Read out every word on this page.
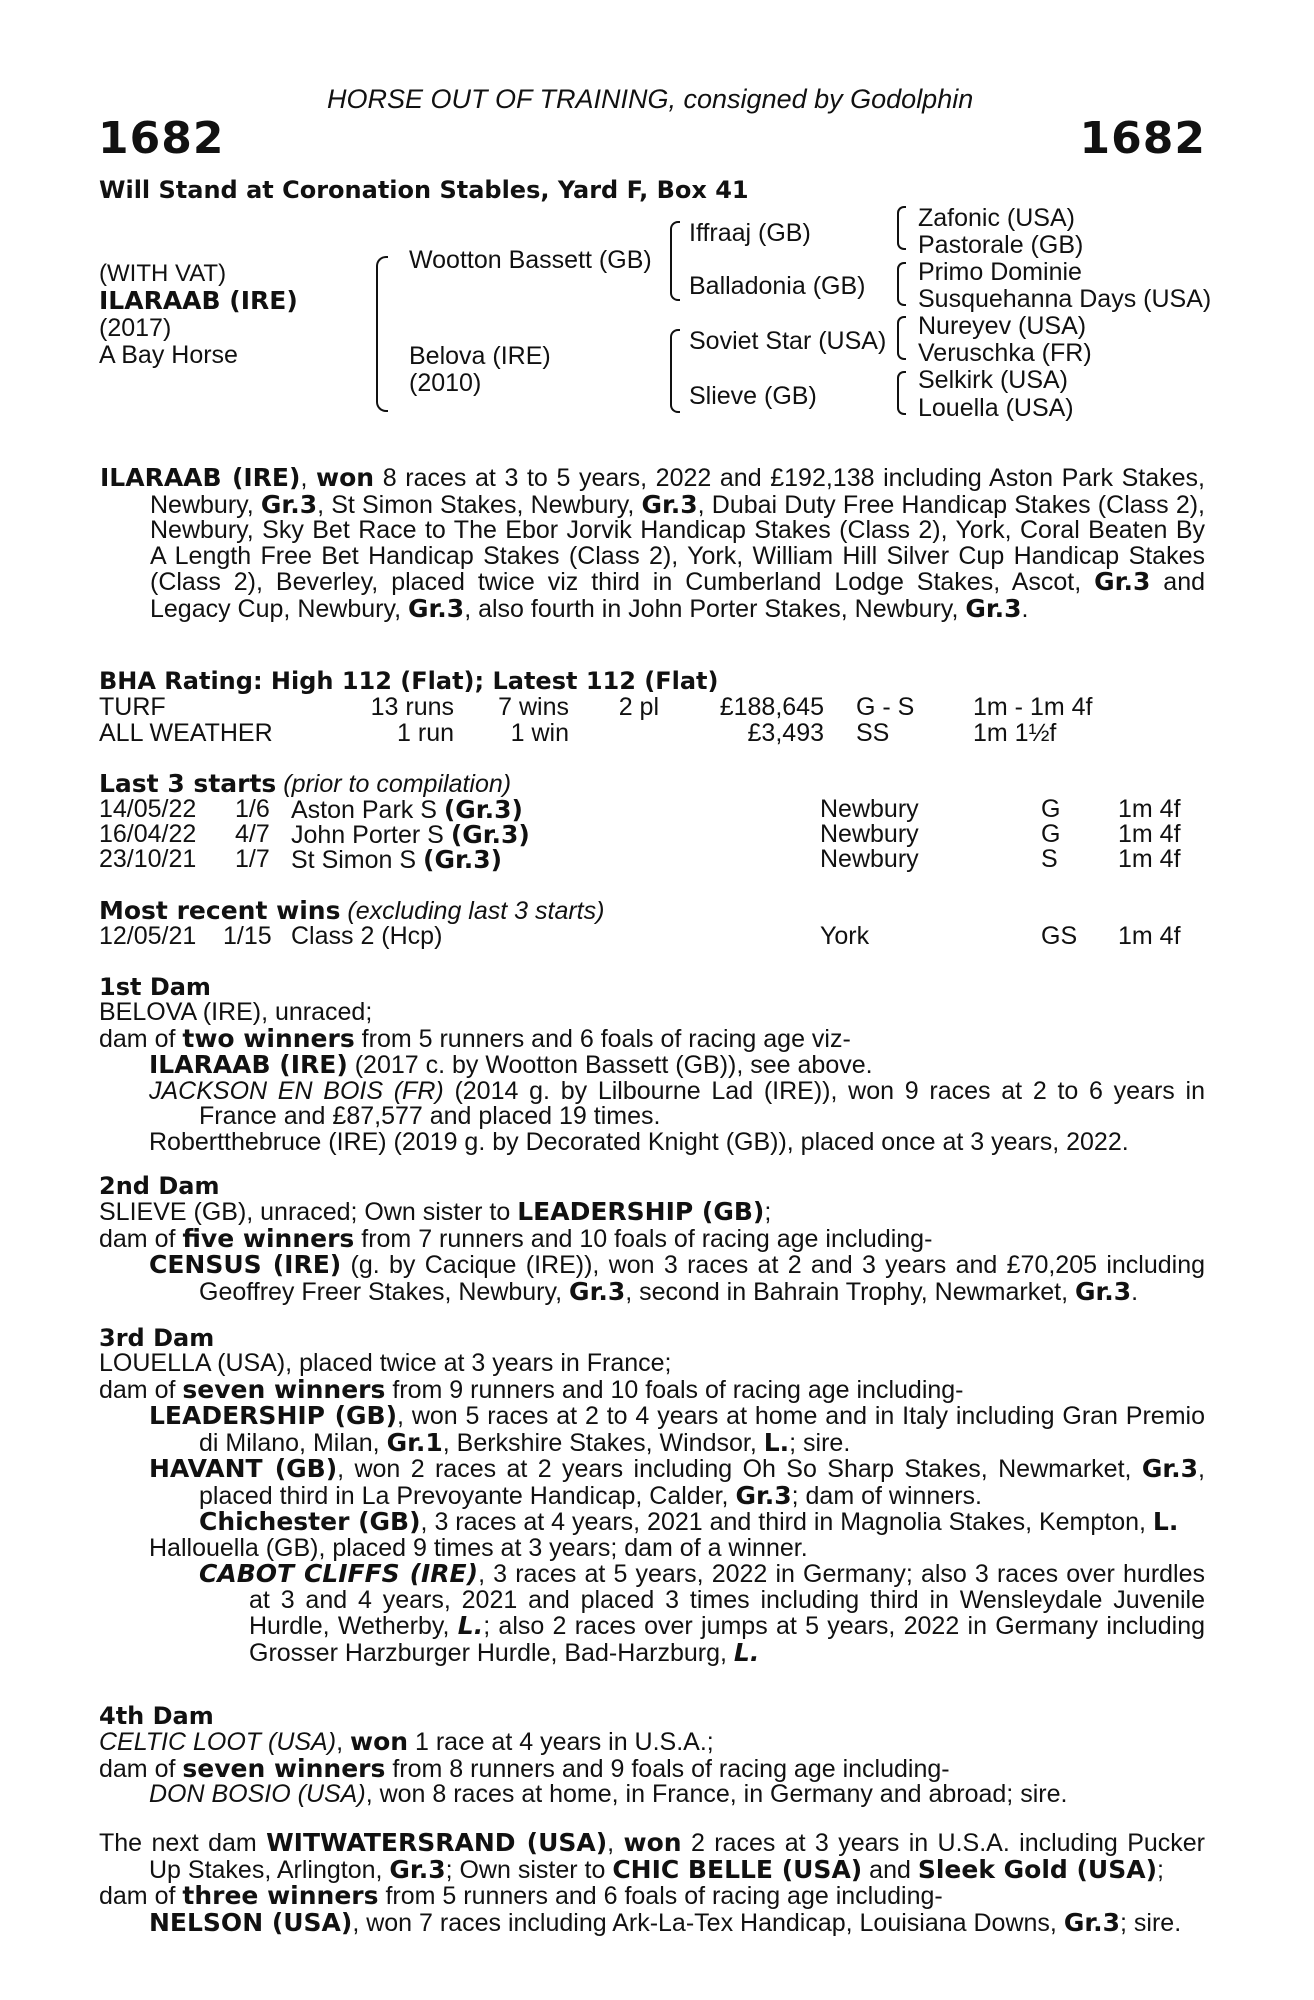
HORSE OUT OF TRAINING, consigned by Godolphin
1682	1682
Will Stand at Coronation Stables, Yard F, Box 41
(WITH VAT)
ILARAAB (IRE)
(2017)
A Bay Horse
Wootton Bassett (GB)
Belova (IRE)
(2010)
Iffraaj (GB)
Balladonia (GB)
Soviet Star (USA)
Slieve (GB)
Zafonic (USA)
Pastorale (GB)
Primo Dominie
Susquehanna Days (USA)
Nureyev (USA)
Veruschka (FR)
Selkirk (USA)
Louella (USA)

ILARAAB (IRE), won 8 races at 3 to 5 years, 2022 and £192,138 including Aston Park Stakes, Newbury, Gr.3, St Simon Stakes, Newbury, Gr.3, Dubai Duty Free Handicap Stakes (Class 2), Newbury, Sky Bet Race to The Ebor Jorvik Handicap Stakes (Class 2), York, Coral Beaten By A Length Free Bet Handicap Stakes (Class 2), York, William Hill Silver Cup Handicap Stakes (Class 2), Beverley, placed twice viz third in Cumberland Lodge Stakes, Ascot, Gr.3 and Legacy Cup, Newbury, Gr.3, also fourth in John Porter Stakes, Newbury, Gr.3.

BHA Rating: High 112 (Flat); Latest 112 (Flat)
TURF	13 runs 7 wins 2 pl £188,645 G - S 1m - 1m 4f
ALL WEATHER	1 run 1 win	£3,493 SS	1m 1½f
Last 3 starts (prior to compilation)
14/05/22 1/6 Aston Park S (Gr.3)	Newbury	G 1m 4f
16/04/22 4/7 John Porter S (Gr.3)	Newbury	G 1m 4f
23/10/21 1/7 St Simon S (Gr.3)	Newbury	S 1m 4f
Most recent wins (excluding last 3 starts)
12/05/21 1/15 Class 2 (Hcp)	York	GS 1m 4f
1st Dam

BELOVA (IRE), unraced;

dam of two winners from 5 runners and 6 foals of racing age viz-

ILARAAB (IRE) (2017 c. by Wootton Bassett (GB)), see above.

JACKSON EN BOIS (FR) (2014 g. by Lilbourne Lad (IRE)), won 9 races at 2 to 6 years in France and £87,577 and placed 19 times.

Robertthebruce (IRE) (2019 g. by Decorated Knight (GB)), placed once at 3 years, 2022.

2nd Dam

SLIEVE (GB), unraced; Own sister to LEADERSHIP (GB);

dam of five winners from 7 runners and 10 foals of racing age including-

CENSUS (IRE) (g. by Cacique (IRE)), won 3 races at 2 and 3 years and £70,205 including Geoffrey Freer Stakes, Newbury, Gr.3, second in Bahrain Trophy, Newmarket, Gr.3.

3rd Dam

LOUELLA (USA), placed twice at 3 years in France;

dam of seven winners from 9 runners and 10 foals of racing age including-

LEADERSHIP (GB), won 5 races at 2 to 4 years at home and in Italy including Gran Premio di Milano, Milan, Gr.1, Berkshire Stakes, Windsor, L.; sire.

HAVANT (GB), won 2 races at 2 years including Oh So Sharp Stakes, Newmarket, Gr.3, placed third in La Prevoyante Handicap, Calder, Gr.3; dam of winners.

Chichester (GB), 3 races at 4 years, 2021 and third in Magnolia Stakes, Kempton, L.

Hallouella (GB), placed 9 times at 3 years; dam of a winner.

CABOT CLIFFS (IRE), 3 races at 5 years, 2022 in Germany; also 3 races over hurdles at 3 and 4 years, 2021 and placed 3 times including third in Wensleydale Juvenile Hurdle, Wetherby, L.; also 2 races over jumps at 5 years, 2022 in Germany including Grosser Harzburger Hurdle, Bad-Harzburg, L.

4th Dam

CELTIC LOOT (USA), won 1 race at 4 years in U.S.A.;

dam of seven winners from 8 runners and 9 foals of racing age including-

DON BOSIO (USA), won 8 races at home, in France, in Germany and abroad; sire.

The next dam WITWATERSRAND (USA), won 2 races at 3 years in U.S.A. including Pucker Up Stakes, Arlington, Gr.3; Own sister to CHIC BELLE (USA) and Sleek Gold (USA);

dam of three winners from 5 runners and 6 foals of racing age including-

NELSON (USA), won 7 races including Ark-La-Tex Handicap, Louisiana Downs, Gr.3; sire.
